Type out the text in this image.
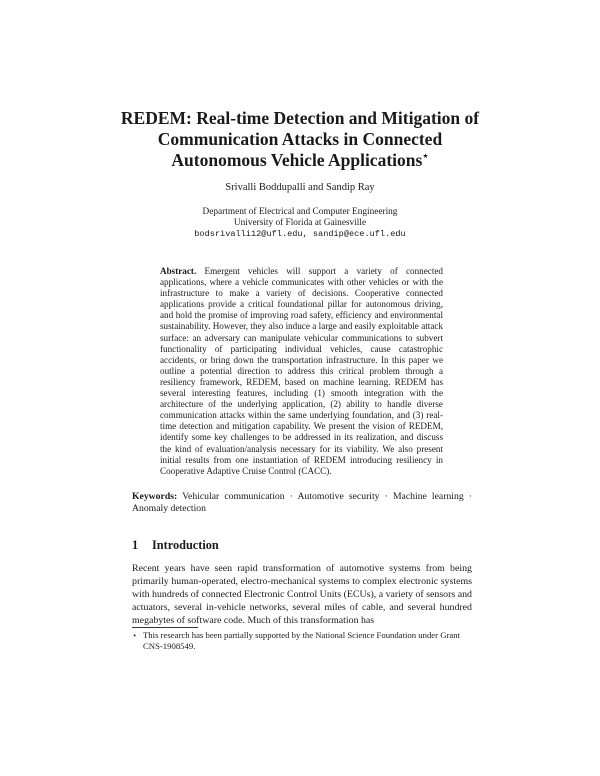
REDEM: Real-time Detection and Mitigation of
Communication Attacks in Connected
Autonomous Vehicle Applications⋆

Srivalli Boddupalli and Sandip Ray

Department of Electrical and Computer Engineering
University of Florida at Gainesville
bodsrivalli12@ufl.edu, sandip@ece.ufl.edu

Abstract. Emergent vehicles will support a variety of connected applications, where a vehicle communicates with other vehicles or with the infrastructure to make a variety of decisions. Cooperative connected applications provide a critical foundational pillar for autonomous driving, and hold the promise of improving road safety, efficiency and environmental sustainability. However, they also induce a large and easily exploitable attack surface: an adversary can manipulate vehicular communications to subvert functionality of participating individual vehicles, cause catastrophic accidents, or bring down the transportation infrastructure. In this paper we outline a potential direction to address this critical problem through a resiliency framework, REDEM, based on machine learning. REDEM has several interesting features, including (1) smooth integration with the architecture of the underlying application, (2) ability to handle diverse communication attacks within the same underlying foundation, and (3) real-time detection and mitigation capability. We present the vision of REDEM, identify some key challenges to be addressed in its realization, and discuss the kind of evaluation/analysis necessary for its viability. We also present initial results from one instantiation of REDEM introducing resiliency in Cooperative Adaptive Cruise Control (CACC).

Keywords: Vehicular communication · Automotive security · Machine learning · Anomaly detection

1 Introduction

Recent years have seen rapid transformation of automotive systems from being primarily human-operated, electro-mechanical systems to complex electronic systems with hundreds of connected Electronic Control Units (ECUs), a variety of sensors and actuators, several in-vehicle networks, several miles of cable, and several hundred megabytes of software code. Much of this transformation has

⋆ This research has been partially supported by the National Science Foundation under Grant CNS-1908549.
